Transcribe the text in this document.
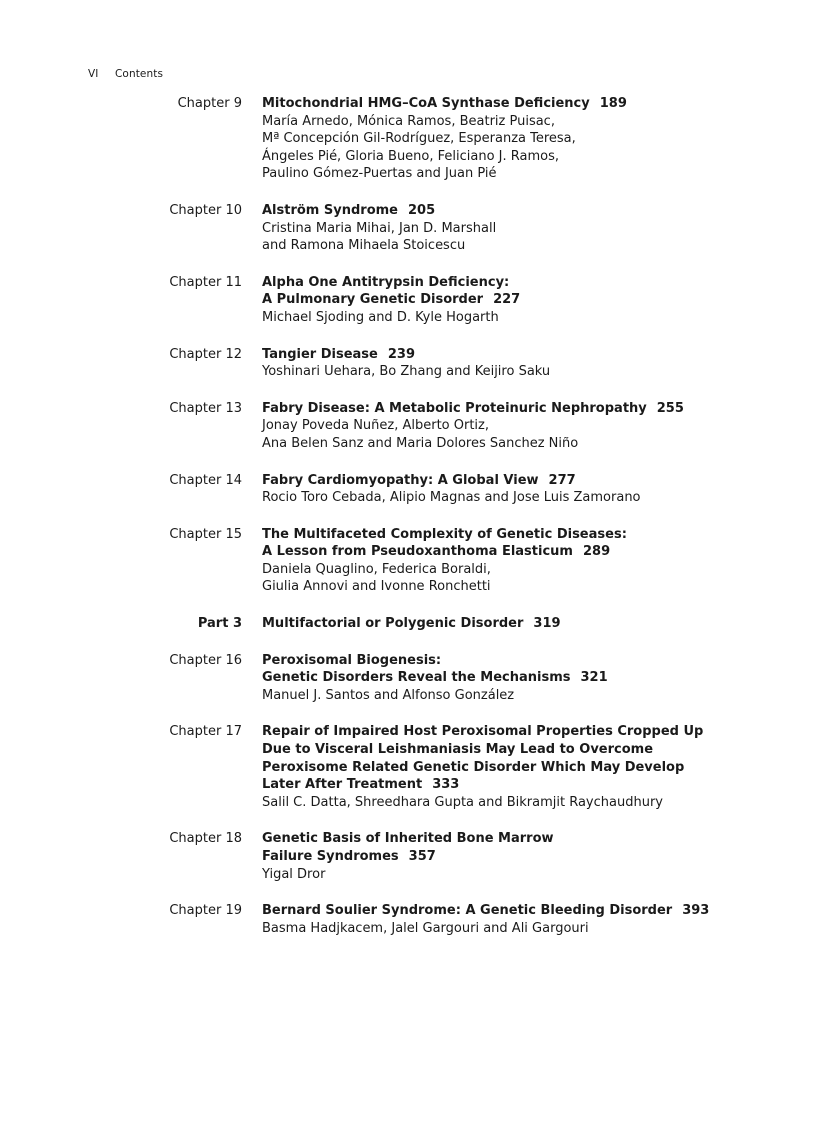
VI Contents
Chapter 9 Mitochondrial HMG–CoA Synthase Deficiency 189
María Arnedo, Mónica Ramos, Beatriz Puisac,
Mª Concepción Gil-Rodríguez, Esperanza Teresa,
Ángeles Pié, Gloria Bueno, Feliciano J. Ramos,
Paulino Gómez-Puertas and Juan Pié
Chapter 10 Alström Syndrome 205
Cristina Maria Mihai, Jan D. Marshall
and Ramona Mihaela Stoicescu
Chapter 11 Alpha One Antitrypsin Deficiency:
A Pulmonary Genetic Disorder 227
Michael Sjoding and D. Kyle Hogarth
Chapter 12 Tangier Disease 239
Yoshinari Uehara, Bo Zhang and Keijiro Saku
Chapter 13 Fabry Disease: A Metabolic Proteinuric Nephropathy 255
Jonay Poveda Nuñez, Alberto Ortiz,
Ana Belen Sanz and Maria Dolores Sanchez Niño
Chapter 14 Fabry Cardiomyopathy: A Global View 277
Rocio Toro Cebada, Alipio Magnas and Jose Luis Zamorano
Chapter 15 The Multifaceted Complexity of Genetic Diseases:
A Lesson from Pseudoxanthoma Elasticum 289
Daniela Quaglino, Federica Boraldi,
Giulia Annovi and Ivonne Ronchetti
Part 3 Multifactorial or Polygenic Disorder 319
Chapter 16 Peroxisomal Biogenesis:
Genetic Disorders Reveal the Mechanisms 321
Manuel J. Santos and Alfonso González
Chapter 17 Repair of Impaired Host Peroxisomal Properties Cropped Up
Due to Visceral Leishmaniasis May Lead to Overcome
Peroxisome Related Genetic Disorder Which May Develop
Later After Treatment 333
Salil C. Datta, Shreedhara Gupta and Bikramjit Raychaudhury
Chapter 18 Genetic Basis of Inherited Bone Marrow
Failure Syndromes 357
Yigal Dror
Chapter 19 Bernard Soulier Syndrome: A Genetic Bleeding Disorder 393
Basma Hadjkacem, Jalel Gargouri and Ali Gargouri
